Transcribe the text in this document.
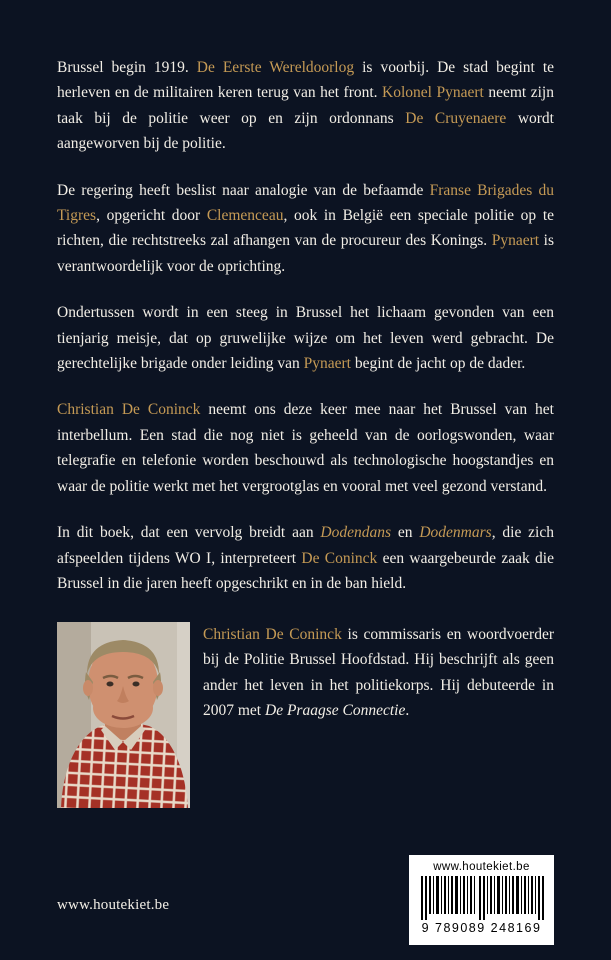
Brussel begin 1919. De Eerste Wereldoorlog is voorbij. De stad begint te herleven en de militairen keren terug van het front. Kolonel Pynaert neemt zijn taak bij de politie weer op en zijn ordonnans De Cruyenaere wordt aangeworven bij de politie.

De regering heeft beslist naar analogie van de befaamde Franse Brigades du Tigres, opgericht door Clemenceau, ook in België een speciale politie op te richten, die rechtstreeks zal afhangen van de procureur des Konings. Pynaert is verantwoordelijk voor de oprichting.

Ondertussen wordt in een steeg in Brussel het lichaam gevonden van een tienjarig meisje, dat op gruwelijke wijze om het leven werd gebracht. De gerechtelijke brigade onder leiding van Pynaert begint de jacht op de dader.

Christian De Coninck neemt ons deze keer mee naar het Brussel van het interbellum. Een stad die nog niet is geheeld van de oorlogswonden, waar telegrafie en telefonie worden beschouwd als technologische hoogstandjes en waar de politie werkt met het vergrootglas en vooral met veel gezond verstand.

In dit boek, dat een vervolg breidt aan Dodendans en Dodenmars, die zich afspeelden tijdens WO I, interpreteert De Coninck een waargebeurde zaak die Brussel in die jaren heeft opgeschrikt en in de ban hield.

Christian De Coninck is commissaris en woordvoerder bij de Politie Brussel Hoofdstad. Hij beschrijft als geen ander het leven in het politiekorps. Hij debuteerde in 2007 met De Praagse Connectie.

www.houtekiet.be
www.houtekiet.be
9 789089 248169
